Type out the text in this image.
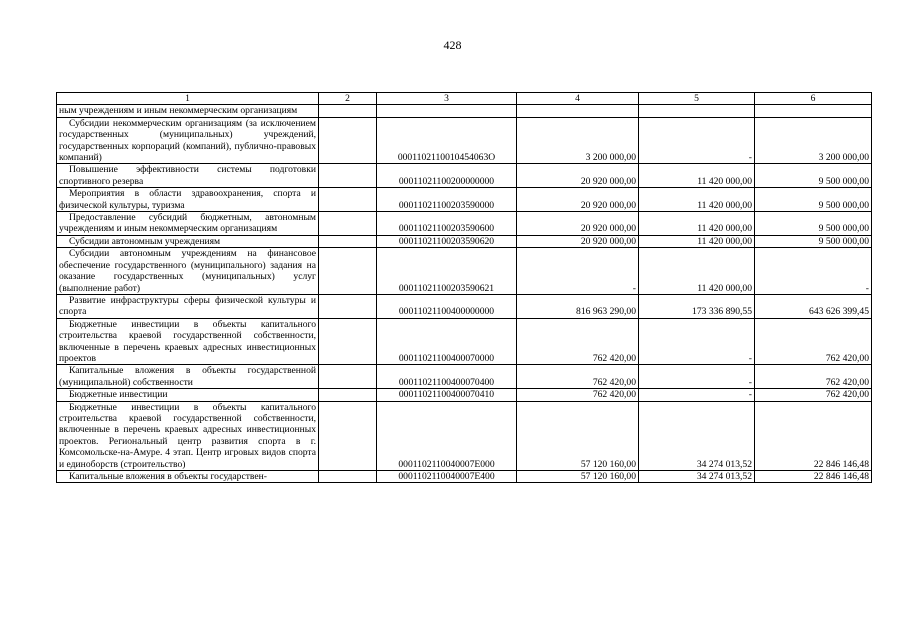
428
1	2	3	4	5	6
ным учреждениям и иным некоммерческим организациям					
Субсидии некоммерческим организациям (за исключением государственных (муниципальных) учреждений, государственных корпораций (компаний), публично-правовых компаний)		0001102110010454063О	3 200 000,00	-	3 200 000,00
Повышение эффективности системы подготовки спортивного резерва		00011021100200000000	20 920 000,00	11 420 000,00	9 500 000,00
Мероприятия в области здравоохранения, спорта и физической культуры, туризма		00011021100203590000	20 920 000,00	11 420 000,00	9 500 000,00
Предоставление субсидий бюджетным, автономным учреждениям и иным некоммерческим организациям		00011021100203590600	20 920 000,00	11 420 000,00	9 500 000,00
Субсидии автономным учреждениям		00011021100203590620	20 920 000,00	11 420 000,00	9 500 000,00
Субсидии автономным учреждениям на финансовое обеспечение государственного (муниципального) задания на оказание государственных (муниципальных) услуг (выполнение работ)		00011021100203590621	-	11 420 000,00	-
Развитие инфраструктуры сферы физической культуры и спорта		00011021100400000000	816 963 290,00	173 336 890,55	643 626 399,45
Бюджетные инвестиции в объекты капитального строительства краевой государственной собственности, включенные в перечень краевых адресных инвестиционных проектов		00011021100400070000	762 420,00	-	762 420,00
Капитальные вложения в объекты государственной (муниципальной) собственности		00011021100400070400	762 420,00	-	762 420,00
Бюджетные инвестиции		00011021100400070410	762 420,00	-	762 420,00
Бюджетные инвестиции в объекты капитального строительства краевой государственной собственности, включенные в перечень краевых адресных инвестиционных проектов. Региональный центр развития спорта в г. Комсомольске-на-Амуре. 4 этап. Центр игровых видов спорта и единоборств (строительство)		0001102110040007Е000	57 120 160,00	34 274 013,52	22 846 146,48
Капитальные вложения в объекты государствен-		0001102110040007Е400	57 120 160,00	34 274 013,52	22 846 146,48
